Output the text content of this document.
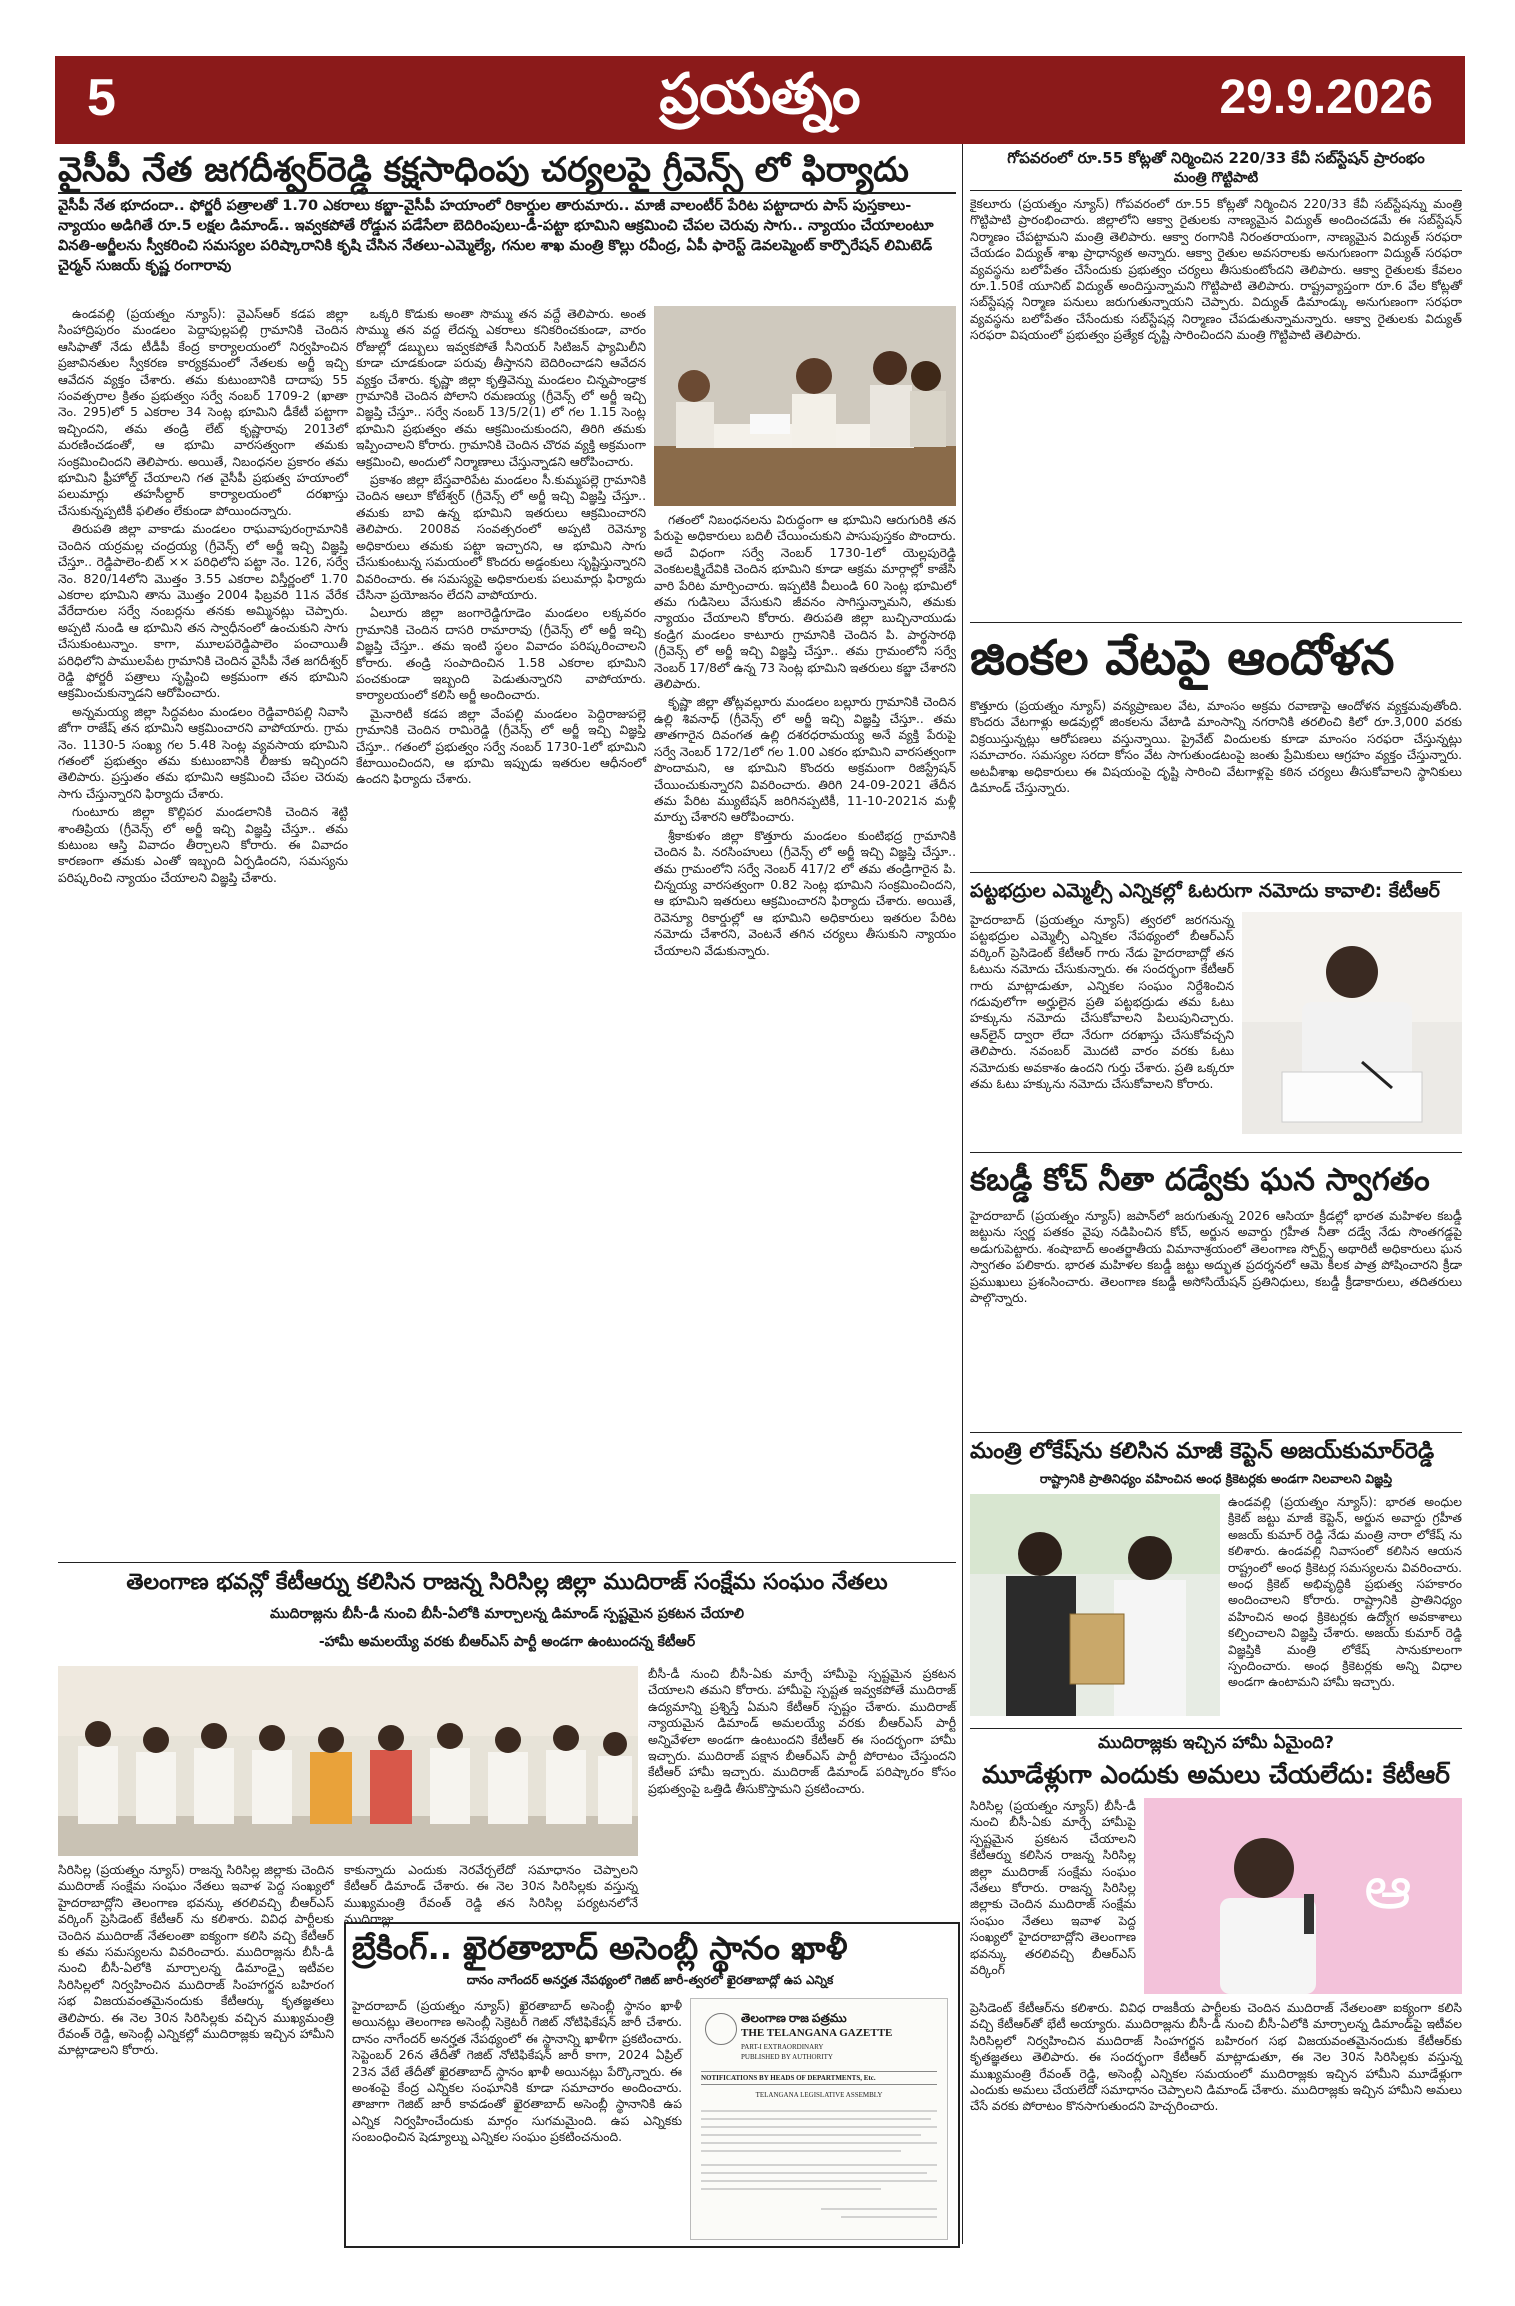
5	ప్రయత్నం	29.9.2026
వైసీపీ నేత జగదీశ్వర్‌రెడ్డి కక్షసాధింపు చర్యలపై గ్రీవెన్స్ లో ఫిర్యాదు
వైసీపీ నేత భూదందా.. ఫోర్జరీ పత్రాలతో 1.70 ఎకరాలు కబ్జా-వైసీపీ హయాంలో రికార్డుల తారుమారు.. మాజీ వాలంటీర్ పేరిట పట్టాదారు పాస్ పుస్తకాలు-న్యాయం అడిగితే రూ.5 లక్షల డిమాండ్.. ఇవ్వకపోతే రోడ్డున పడేసేలా బెదిరింపులు-డీ-పట్టా భూమిని ఆక్రమించి చేపల చెరువు సాగు.. న్యాయం చేయాలంటూ వినతి-అర్జీలను స్వీకరించి సమస్యల పరిష్కారానికి కృషి చేసిన నేతలు-ఎమ్మెల్యే, గనుల శాఖ మంత్రి కొల్లు రవీంద్ర, ఏపీ ఫారెస్ట్ డెవలప్మెంట్ కార్పొరేషన్ లిమిటెడ్ చైర్మన్ సుజయ్ కృష్ణ రంగారావు

ఉండవల్లి (ప్రయత్నం న్యూస్): వైఎస్ఆర్ కడప జిల్లా సింహాద్రిపురం మండలం పెద్దాపుల్లపల్లి గ్రామానికి చెందిన ఆసిఫాతో నేడు టీడీపీ కేంద్ర కార్యాలయంలో నిర్వహించిన ప్రజావినతుల స్వీకరణ కార్యక్రమంలో నేతలకు అర్జీ ఇచ్చి ఆవేదన వ్యక్తం చేశారు. తమ కుటుంబానికి దాదాపు 55 సంవత్సరాల క్రితం ప్రభుత్వం సర్వే నంబర్ 1709-2 (ఖాతా నెం. 295)లో 5 ఎకరాల 34 సెంట్ల భూమిని డీకేటీ పట్టాగా ఇచ్చిందని, తమ తండ్రి లేట్ కృష్ణారావు 2013లో మరణించడంతో, ఆ భూమి వారసత్వంగా తమకు సంక్రమించిందని తెలిపారు. అయితే, నిబంధనల ప్రకారం తమ భూమిని ఫ్రీహోల్డ్ చేయాలని గత వైసీపీ ప్రభుత్వ హయాంలో పలుమార్లు తహసీల్దార్ కార్యాలయంలో దరఖాస్తు చేసుకున్నప్పటికీ ఫలితం లేకుండా పోయిందన్నారు.

తిరుపతి జిల్లా వాకాడు మండలం రాఘవాపురంగ్రామానికి చెందిన యర్రమల్ల చంద్రయ్య (గ్రీవెన్స్ లో అర్జీ ఇచ్చి విజ్ఞప్తి చేస్తూ.. రెడ్డిపాలెం-బిట్ ×× పరిధిలోని పట్టా నెం. 126, సర్వే నెం. 820/14లోని మొత్తం 3.55 ఎకరాల విస్తీర్ణంలో 1.70 ఎకరాల భూమిని తాను మొత్తం 2004 ఫిబ్రవరి 11న వేరేక వేరేదారుల సర్వే నంబర్లను తనకు అమ్మినట్లు చెప్పారు. అప్పటి నుండి ఆ భూమిని తన స్వాధీనంలో ఉంచుకుని సాగు చేసుకుంటున్నాం. కాగా, మూలపరెడ్డిపాలెం పంచాయితీ పరిధిలోని పాములపేట గ్రామానికి చెందిన వైసీపీ నేత జగదీశ్వర్ రెడ్డి ఫోర్జరీ పత్రాలు సృష్టించి అక్రమంగా తన భూమిని ఆక్రమించుకున్నాడని ఆరోపించారు.

అన్నమయ్య జిల్లా సిద్ధవటం మండలం రెడ్డివారిపల్లి నివాసి జోగా రాజేష్ తన భూమిని ఆక్రమించారని వాపోయారు. గ్రామ నెం. 1130-5 సంఖ్య గల 5.48 సెంట్ల వ్యవసాయ భూమిని గతంలో ప్రభుత్వం తమ కుటుంబానికి లీజుకు ఇచ్చిందని తెలిపారు. ప్రస్తుతం తమ భూమిని ఆక్రమించి చేపల చెరువు సాగు చేస్తున్నారని ఫిర్యాదు చేశారు.

గుంటూరు జిల్లా కొల్లిపర మండలానికి చెందిన శెట్టి శాంతిప్రియ (గ్రీవెన్స్ లో అర్జీ ఇచ్చి విజ్ఞప్తి చేస్తూ.. తమ కుటుంబ ఆస్తి వివాదం తీర్చాలని కోరారు. ఈ వివాదం కారణంగా తమకు ఎంతో ఇబ్బంది ఏర్పడిందని, సమస్యను పరిష్కరించి న్యాయం చేయాలని విజ్ఞప్తి చేశారు.

ఒక్కరి కొడుకు అంతా సొమ్ము తన వద్దే తెలిపారు. అంత సొమ్ము తన వద్ద లేదన్న ఎకరాలు కనికరించకుండా, వారం రోజుల్లో డబ్బులు ఇవ్వకపోతే సీనియర్ సిటిజన్ ఫ్యామిలీని కూడా చూడకుండా పరువు తీస్తానని బెదిరించాడని ఆవేదన వ్యక్తం చేశారు. కృష్ణా జిల్లా కృత్తివెన్ను మండలం చిన్నపాండ్రాక గ్రామానికి చెందిన పోలాని రమణయ్య (గ్రీవెన్స్ లో అర్జీ ఇచ్చి విజ్ఞప్తి చేస్తూ.. సర్వే నంబర్ 13/5/2(1) లో గల 1.15 సెంట్ల భూమిని ప్రభుత్వం తమ ఆక్రమించుకుందని, తిరిగి తమకు ఇప్పించాలని కోరారు. గ్రామానికి చెందిన చొరవ వ్యక్తి అక్రమంగా ఆక్రమించి, అందులో నిర్మాణాలు చేస్తున్నాడని ఆరోపించారు.

ప్రకాశం జిల్లా బేస్తవారిపేట మండలం సీ.కుమ్మపల్లె గ్రామానికి చెందిన ఆలూ కోటేశ్వర్ (గ్రీవెన్స్ లో అర్జీ ఇచ్చి విజ్ఞప్తి చేస్తూ.. తమకు బావి ఉన్న భూమిని ఇతరులు ఆక్రమించారని తెలిపారు. 2008వ సంవత్సరంలో అప్పటి రెవెన్యూ అధికారులు తమకు పట్టా ఇచ్చారని, ఆ భూమిని సాగు చేసుకుంటున్న సమయంలో కొందరు అడ్డంకులు సృష్టిస్తున్నారని వివరించారు. ఈ సమస్యపై అధికారులకు పలుమార్లు ఫిర్యాదు చేసినా ప్రయోజనం లేదని వాపోయారు.

ఏలూరు జిల్లా జంగారెడ్డిగూడెం మండలం లక్కవరం గ్రామానికి చెందిన దాసరి రామారావు (గ్రీవెన్స్ లో అర్జీ ఇచ్చి విజ్ఞప్తి చేస్తూ.. తమ ఇంటి స్థలం వివాదం పరిష్కరించాలని కోరారు. తండ్రి సంపాదించిన 1.58 ఎకరాల భూమిని పంచకుండా ఇబ్బంది పెడుతున్నారని వాపోయారు. కార్యాలయంలో కలిసి అర్జీ అందించారు.

మైనారిటీ కడప జిల్లా వేంపల్లి మండలం పెద్దిరాజుపల్లె గ్రామానికి చెందిన రామిరెడ్డి (గ్రీవెన్స్ లో అర్జీ ఇచ్చి విజ్ఞప్తి చేస్తూ.. గతంలో ప్రభుత్వం సర్వే నంబర్ 1730-1లో భూమిని కేటాయించిందని, ఆ భూమి ఇప్పుడు ఇతరుల ఆధీనంలో ఉందని ఫిర్యాదు చేశారు.

గతంలో నిబంధనలను విరుద్ధంగా ఆ భూమిని ఆరుగురికి తన పేరుపై అధికారులు బదిలీ చేయించుకుని పాసుపుస్తకం పొందారు. అదే విధంగా సర్వే నెంబర్ 1730-1లో యెల్లపురెడ్డి వెంకటలక్ష్మిదేవికి చెందిన భూమిని కూడా ఆక్రమ మార్గాల్లో కాజేసి వారి పేరిట మార్పించారు. ఇప్పటికి వీలుండి 60 సెంట్ల భూమిలో తమ గుడిసెలు వేసుకుని జీవనం సాగిస్తున్నామని, తమకు న్యాయం చేయాలని కోరారు. తిరుపతి జిల్లా బుచ్చినాయుడు కండ్రిగ మండలం కాటూరు గ్రామానికి చెందిన పి. పార్థసారథి (గ్రీవెన్స్ లో అర్జీ ఇచ్చి విజ్ఞప్తి చేస్తూ.. తమ గ్రామంలోని సర్వే నెంబర్ 17/8లో ఉన్న 73 సెంట్ల భూమిని ఇతరులు కబ్జా చేశారని తెలిపారు.

కృష్ణా జిల్లా తోట్లవల్లూరు మండలం బల్లూరు గ్రామానికి చెందిన ఉల్లి శివనాధ్ (గ్రీవెన్స్ లో అర్జీ ఇచ్చి విజ్ఞప్తి చేస్తూ.. తమ తాతగారైన దివంగత ఉల్లి దశరధరామయ్య అనే వ్యక్తి పేరుపై సర్వే నెంబర్ 172/1లో గల 1.00 ఎకరం భూమిని వారసత్వంగా పొందామని, ఆ భూమిని కొందరు అక్రమంగా రిజిస్ట్రేషన్ చేయించుకున్నారని వివరించారు. తిరిగి 24-09-2021 తేదీన తమ పేరిట మ్యుటేషన్ జరిగినప్పటికీ, 11-10-2021న మళ్లీ మార్పు చేశారని ఆరోపించారు.

శ్రీకాకుళం జిల్లా కొత్తూరు మండలం కుంటిభద్ర గ్రామానికి చెందిన పి. నరసింహులు (గ్రీవెన్స్ లో అర్జీ ఇచ్చి విజ్ఞప్తి చేస్తూ.. తమ గ్రామంలోని సర్వే నెంబర్ 417/2 లో తమ తండ్రిగారైన పి. చిన్నయ్య వారసత్వంగా 0.82 సెంట్ల భూమిని సంక్రమించిందని, ఆ భూమిని ఇతరులు ఆక్రమించారని ఫిర్యాదు చేశారు. అయితే, రెవెన్యూ రికార్డుల్లో ఆ భూమిని అధికారులు ఇతరుల పేరిట నమోదు చేశారని, వెంటనే తగిన చర్యలు తీసుకుని న్యాయం చేయాలని వేడుకున్నారు.

తెలంగాణ భవన్లో కేటీఆర్ను కలిసిన రాజన్న సిరిసిల్ల జిల్లా ముదిరాజ్ సంక్షేమ సంఘం నేతలు
ముదిరాజ్లను బీసీ-డీ నుంచి బీసీ-ఏలోకి మార్చాలన్న డిమాండ్ స్పష్టమైన ప్రకటన చేయాలి
-హామీ అమలయ్యే వరకు బీఆర్ఎస్ పార్టీ అండగా ఉంటుందన్న కేటీఆర్
బీసీ-డీ నుంచి బీసీ-ఏకు మార్చే హామీపై స్పష్టమైన ప్రకటన చేయాలని తమని కోరారు. హామీపై స్పష్టత ఇవ్వకపోతే ముదిరాజ్ ఉద్యమాన్ని ప్రశ్నిస్తే ఏమని కేటీఆర్ స్పష్టం చేశారు. ముదిరాజ్ న్యాయమైన డిమాండ్ అమలయ్యే వరకు బీఆర్ఎస్ పార్టీ అన్నివేళలా అండగా ఉంటుందని కేటీఆర్ ఈ సందర్భంగా హామీ ఇచ్చారు. ముదిరాజ్ పక్షాన బీఆర్ఎస్ పార్టీ పోరాటం చేస్తుందని కేటీఆర్ హామీ ఇచ్చారు. ముదిరాజ్ డిమాండ్ పరిష్కారం కోసం ప్రభుత్వంపై ఒత్తిడి తీసుకొస్తామని ప్రకటించారు.
సిరిసిల్ల (ప్రయత్నం న్యూస్) రాజన్న సిరిసిల్ల జిల్లాకు చెందిన ముదిరాజ్ సంక్షేమ సంఘం నేతలు ఇవాళ పెద్ద సంఖ్యలో హైదరాబాద్లోని తెలంగాణ భవన్కు తరలివచ్చి బీఆర్ఎస్ వర్కింగ్ ప్రెసిడెంట్ కేటీఆర్ ను కలిశారు. వివిధ పార్టీలకు చెందిన ముదిరాజ్ నేతలంతా ఐక్యంగా కలిసి వచ్చి కేటీఆర్ కు తమ సమస్యలను వివరించారు. ముదిరాజ్లను బీసీ-డీ నుంచి బీసీ-ఏలోకి మార్చాలన్న డిమాండ్పై ఇటీవల సిరిసిల్లలో నిర్వహించిన ముదిరాజ్ సింహగర్జన బహిరంగ సభ విజయవంతమైనందుకు కేటీఆర్కు కృతజ్ఞతలు తెలిపారు. ఈ నెల 30న సిరిసిల్లకు వచ్చిన ముఖ్యమంత్రి రేవంత్ రెడ్డి, అసెంబ్లీ ఎన్నికల్లో ముదిరాజ్లకు ఇచ్చిన హామీని మాట్లాడాలని కోరారు.
కాకున్నాదు ఎందుకు నెరవేర్చలేదో సమాధానం చెప్పాలని కేటీఆర్ డిమాండ్ చేశారు. ఈ నెల 30న సిరిసిల్లకు వస్తున్న ముఖ్యమంత్రి రేవంత్ రెడ్డి తన సిరిసిల్ల పర్యటనలోనే ముదిరాజ్లు
బ్రేకింగ్.. ఖైరతాబాద్ అసెంబ్లీ స్థానం ఖాళీ
దానం నాగేందర్ అనర్హత నేపథ్యంలో గెజిట్ జారీ-త్వరలో ఖైరతాబాద్లో ఉప ఎన్నిక
హైదరాబాద్ (ప్రయత్నం న్యూస్) ఖైరతాబాద్ అసెంబ్లీ స్థానం ఖాళీ అయినట్లు తెలంగాణ అసెంబ్లీ సెక్రెటరీ గెజిట్ నోటిఫికేషన్ జారీ చేశారు. దానం నాగేందర్ అనర్హత నేపథ్యంలో ఈ స్థానాన్ని ఖాళీగా ప్రకటించారు. సెప్టెంబర్ 26న తేదీతో గెజిట్ నోటిఫికేషన్ జారీ కాగా, 2024 ఏప్రిల్ 23న వేటే తేదీతో ఖైరతాబాద్ స్థానం ఖాళీ అయినట్లు పేర్కొన్నారు. ఈ అంశంపై కేంద్ర ఎన్నికల సంఘానికి కూడా సమాచారం అందించారు. తాజాగా గెజిట్ జారీ కావడంతో ఖైరతాబాద్ అసెంబ్లీ స్థానానికి ఉప ఎన్నిక నిర్వహించేందుకు మార్గం సుగమమైంది. ఉప ఎన్నికకు సంబంధించిన షెడ్యూల్ను ఎన్నికల సంఘం ప్రకటించనుంది.
తెలంగాణ రాజ పత్రము
THE TELANGANA GAZETTE
PART-I EXTRAORDINARY
PUBLISHED BY AUTHORITY
NOTIFICATIONS BY HEADS OF DEPARTMENTS, Etc.
TELANGANA LEGISLATIVE ASSEMBLY
గోపవరంలో రూ.55 కోట్లతో నిర్మించిన 220/33 కేవీ సబ్‌స్టేషన్ ప్రారంభం
మంత్రి గొట్టిపాటి
కైకలూరు (ప్రయత్నం న్యూస్) గోపవరంలో రూ.55 కోట్లతో నిర్మించిన 220/33 కేవీ సబ్‌స్టేషన్ను మంత్రి గొట్టిపాటి ప్రారంభించారు. జిల్లాలోని ఆక్వా రైతులకు నాణ్యమైన విద్యుత్ అందించడమే ఈ సబ్‌స్టేషన్ నిర్మాణం చేపట్టామని మంత్రి తెలిపారు. ఆక్వా రంగానికి నిరంతరాయంగా, నాణ్యమైన విద్యుత్ సరఫరా చేయడం విద్యుత్ శాఖ ప్రాధాన్యత అన్నారు. ఆక్వా రైతుల అవసరాలకు అనుగుణంగా విద్యుత్ సరఫరా వ్యవస్థను బలోపేతం చేసేందుకు ప్రభుత్వం చర్యలు తీసుకుంటోందని తెలిపారు. ఆక్వా రైతులకు కేవలం రూ.1.50కే యూనిట్ విద్యుత్ అందిస్తున్నామని గొట్టిపాటి తెలిపారు. రాష్ట్రవ్యాప్తంగా రూ.6 వేల కోట్లతో సబ్‌స్టేషన్ల నిర్మాణ పనులు జరుగుతున్నాయని చెప్పారు. విద్యుత్ డిమాండ్కు అనుగుణంగా సరఫరా వ్యవస్థను బలోపేతం చేసేందుకు సబ్‌స్టేషన్ల నిర్మాణం చేపడుతున్నామన్నారు. ఆక్వా రైతులకు విద్యుత్ సరఫరా విషయంలో ప్రభుత్వం ప్రత్యేక దృష్టి సారించిందని మంత్రి గొట్టిపాటి తెలిపారు.
జింకల వేటపై ఆందోళన
కొత్తూరు (ప్రయత్నం న్యూస్) వన్యప్రాణుల వేట, మాంసం అక్రమ రవాణాపై ఆందోళన వ్యక్తమవుతోంది. కొందరు వేటగాళ్లు అడవుల్లో జింకలను వేటాడి మాంసాన్ని నగరానికి తరలించి కిలో రూ.3,000 వరకు విక్రయిస్తున్నట్లు ఆరోపణలు వస్తున్నాయి. ప్రైవేట్ విందులకు కూడా మాంసం సరఫరా చేస్తున్నట్లు సమాచారం. సమస్యల సరదా కోసం వేట సాగుతుండటంపై జంతు ప్రేమికులు ఆగ్రహం వ్యక్తం చేస్తున్నారు. అటవీశాఖ అధికారులు ఈ విషయంపై దృష్టి సారించి వేటగాళ్లపై కఠిన చర్యలు తీసుకోవాలని స్థానికులు డిమాండ్ చేస్తున్నారు.
పట్టభద్రుల ఎమ్మెల్సీ ఎన్నికల్లో ఓటరుగా నమోదు కావాలి: కేటీఆర్
హైదరాబాద్ (ప్రయత్నం న్యూస్) త్వరలో జరగనున్న పట్టభద్రుల ఎమ్మెల్సీ ఎన్నికల నేపథ్యంలో బీఆర్ఎస్ వర్కింగ్ ప్రెసిడెంట్ కేటీఆర్ గారు నేడు హైదరాబాద్లో తన ఓటును నమోదు చేసుకున్నారు. ఈ సందర్భంగా కేటీఆర్ గారు మాట్లాడుతూ, ఎన్నికల సంఘం నిర్దేశించిన గడువులోగా అర్హులైన ప్రతి పట్టభద్రుడు తమ ఓటు హక్కును నమోదు చేసుకోవాలని పిలుపునిచ్చారు. ఆన్‌లైన్ ద్వారా లేదా నేరుగా దరఖాస్తు చేసుకోవచ్చని తెలిపారు. నవంబర్ మొదటి వారం వరకు ఓటు నమోదుకు అవకాశం ఉందని గుర్తు చేశారు. ప్రతి ఒక్కరూ తమ ఓటు హక్కును నమోదు చేసుకోవాలని కోరారు.
కబడ్డీ కోచ్ నీతా దడ్వేకు ఘన స్వాగతం
హైదరాబాద్ (ప్రయత్నం న్యూస్) జపాన్‌లో జరుగుతున్న 2026 ఆసియా క్రీడల్లో భారత మహిళల కబడ్డీ జట్టును స్వర్ణ పతకం వైపు నడిపించిన కోచ్, అర్జున అవార్డు గ్రహీత నీతా దడ్వే నేడు సొంతగడ్డపై అడుగుపెట్టారు. శంషాబాద్ అంతర్జాతీయ విమానాశ్రయంలో తెలంగాణ స్పోర్ట్స్ అథారిటీ అధికారులు ఘన స్వాగతం పలికారు. భారత మహిళల కబడ్డీ జట్టు అద్భుత ప్రదర్శనలో ఆమె కీలక పాత్ర పోషించారని క్రీడా ప్రముఖులు ప్రశంసించారు. తెలంగాణ కబడ్డీ అసోసియేషన్ ప్రతినిధులు, కబడ్డీ క్రీడాకారులు, తదితరులు పాల్గొన్నారు.
మంత్రి లోకేష్‌ను కలిసిన మాజీ కెప్టెన్ అజయ్‌కుమార్‌రెడ్డి
రాష్ట్రానికి ప్రాతినిధ్యం వహించిన అంధ క్రికెటర్లకు అండగా నిలవాలని విజ్ఞప్తి
ఉండవల్లి (ప్రయత్నం న్యూస్): భారత అంధుల క్రికెట్ జట్టు మాజీ కెప్టెన్, అర్జున అవార్డు గ్రహీత అజయ్ కుమార్ రెడ్డి నేడు మంత్రి నారా లోకేష్ ను కలిశారు. ఉండవల్లి నివాసంలో కలిసిన ఆయన రాష్ట్రంలో అంధ క్రికెటర్ల సమస్యలను వివరించారు. అంధ క్రికెట్ అభివృద్ధికి ప్రభుత్వ సహకారం అందించాలని కోరారు. రాష్ట్రానికి ప్రాతినిధ్యం వహించిన అంధ క్రికెటర్లకు ఉద్యోగ అవకాశాలు కల్పించాలని విజ్ఞప్తి చేశారు. అజయ్ కుమార్ రెడ్డి విజ్ఞప్తికి మంత్రి లోకేష్ సానుకూలంగా స్పందించారు. అంధ క్రికెటర్లకు అన్ని విధాల అండగా ఉంటామని హామీ ఇచ్చారు.
ముదిరాజ్లకు ఇచ్చిన హామీ ఏమైంది?
మూడేళ్లుగా ఎందుకు అమలు చేయలేదు: కేటీఆర్
సిరిసిల్ల (ప్రయత్నం న్యూస్) బీసీ-డీ నుంచి బీసీ-ఏకు మార్చే హామీపై స్పష్టమైన ప్రకటన చేయాలని కేటీఆర్ను కలిసిన రాజన్న సిరిసిల్ల జిల్లా ముదిరాజ్ సంక్షేమ సంఘం నేతలు కోరారు. రాజన్న సిరిసిల్ల జిల్లాకు చెందిన ముదిరాజ్ సంక్షేమ సంఘం నేతలు ఇవాళ పెద్ద సంఖ్యలో హైదరాబాద్లోని తెలంగాణ భవన్కు తరలివచ్చి బీఆర్ఎస్ వర్కింగ్
ఆ
ప్రెసిడెంట్ కేటీఆర్‌ను కలిశారు. వివిధ రాజకీయ పార్టీలకు చెందిన ముదిరాజ్ నేతలంతా ఐక్యంగా కలిసి వచ్చి కేటీఆర్‌తో భేటీ అయ్యారు. ముదిరాజ్లను బీసీ-డీ నుంచి బీసీ-ఏలోకి మార్చాలన్న డిమాండ్‌పై ఇటీవల సిరిసిల్లలో నిర్వహించిన ముదిరాజ్ సింహగర్జన బహిరంగ సభ విజయవంతమైనందుకు కేటీఆర్‌కు కృతజ్ఞతలు తెలిపారు. ఈ సందర్భంగా కేటీఆర్ మాట్లాడుతూ, ఈ నెల 30న సిరిసిల్లకు వస్తున్న ముఖ్యమంత్రి రేవంత్ రెడ్డి, అసెంబ్లీ ఎన్నికల సమయంలో ముదిరాజ్లకు ఇచ్చిన హామీని మూడేళ్లుగా ఎందుకు అమలు చేయలేదో సమాధానం చెప్పాలని డిమాండ్ చేశారు. ముదిరాజ్లకు ఇచ్చిన హామీని అమలు చేసే వరకు పోరాటం కొనసాగుతుందని హెచ్చరించారు.
